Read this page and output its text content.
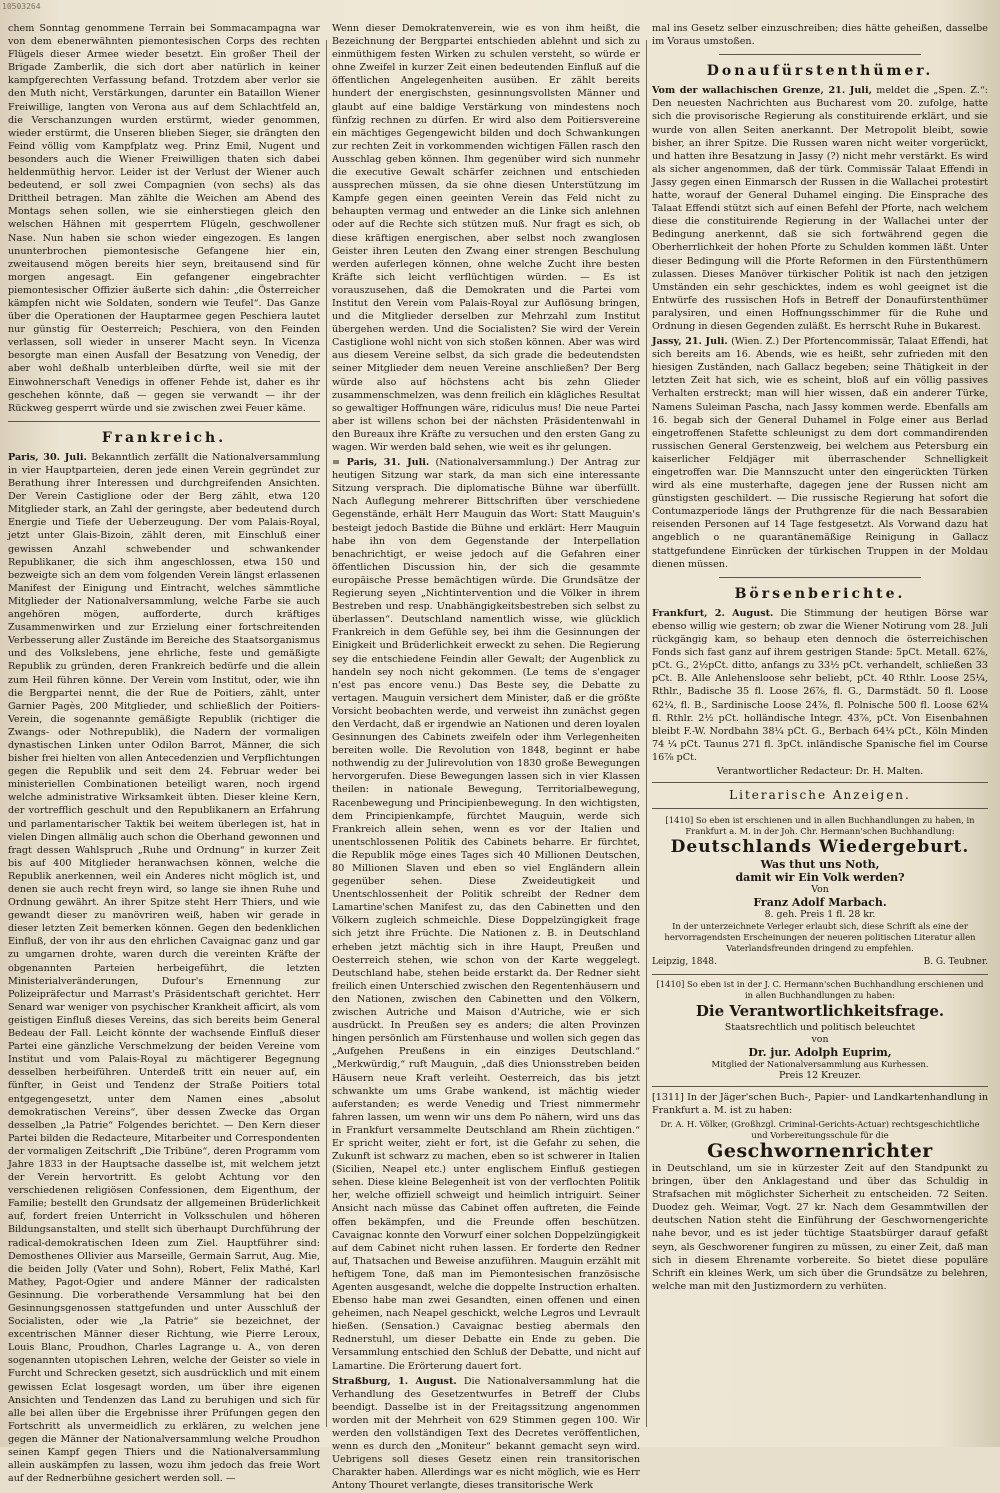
10503264

chem Sonntag genommene Terrain bei Sommacampagna war von dem ebenerwähnten piemontesischen Corps des rechten Flügels dieser Armee wieder besetzt. Ein großer Theil der Brigade Zamberlik, die sich dort aber natürlich in keiner kampfgerechten Verfassung befand. Trotzdem aber verlor sie den Muth nicht, Verstärkungen, darunter ein Bataillon Wiener Freiwillige, langten von Verona aus auf dem Schlachtfeld an, die Verschanzungen wurden erstürmt, wieder genommen, wieder erstürmt, die Unseren blieben Sieger, sie drängten den Feind völlig vom Kampfplatz weg. Prinz Emil, Nugent und besonders auch die Wiener Freiwilligen thaten sich dabei heldenmüthig hervor. Leider ist der Verlust der Wiener auch bedeutend, er soll zwei Compagnien (von sechs) als das Drittheil betragen. Man zählte die Weichen am Abend des Montags sehen sollen, wie sie einherstiegen gleich den welschen Hähnen mit gesperrtem Flügeln, geschwollener Nase. Nun haben sie schon wieder eingezogen. Es langen ununterbrochen piemontesische Gefangene hier ein, zweitausend mögen bereits hier seyn, breitausend sind für morgen angesagt. Ein gefangener eingebrachter piemontesischer Offizier äußerte sich dahin: „die Österreicher kämpfen nicht wie Soldaten, sondern wie Teufel“. Das Ganze über die Operationen der Hauptarmee gegen Peschiera lautet nur günstig für Oesterreich; Peschiera, von den Feinden verlassen, soll wieder in unserer Macht seyn. In Vicenza besorgte man einen Ausfall der Besatzung von Venedig, der aber wohl deßhalb unterbleiben dürfte, weil sie mit der Einwohnerschaft Venedigs in offener Fehde ist, daher es ihr geschehen könnte, daß — gegen sie verwandt — ihr der Rückweg gesperrt würde und sie zwischen zwei Feuer käme.

Frankreich.

Paris, 30. Juli. Bekanntlich zerfällt die Nationalversammlung in vier Hauptparteien, deren jede einen Verein gegründet zur Berathung ihrer Interessen und durchgreifenden Ansichten. Der Verein Castiglione oder der Berg zählt, etwa 120 Mitglieder stark, an Zahl der geringste, aber bedeutend durch Energie und Tiefe der Ueberzeugung. Der vom Palais-Royal, jetzt unter Glais-Bizoin, zählt deren, mit Einschluß einer gewissen Anzahl schwebender und schwankender Republikaner, die sich ihm angeschlossen, etwa 150 und bezweigte sich an dem vom folgenden Verein längst erlassenen Manifest der Einigung und Eintracht, welches sämmtliche Mitglieder der Nationalversammlung, welche Farbe sie auch angehören mögen, aufforderte, durch kräftiges Zusammenwirken und zur Erzielung einer fortschreitenden Verbesserung aller Zustände im Bereiche des Staatsorganismus und des Volkslebens, jene ehrliche, feste und gemäßigte Republik zu gründen, deren Frankreich bedürfe und die allein zum Heil führen könne. Der Verein vom Institut, oder, wie ihn die Bergpartei nennt, die der Rue de Poitiers, zählt, unter Garnier Pagès, 200 Mitglieder, und schließlich der Poitiers-Verein, die sogenannte gemäßigte Republik (richtiger die Zwangs- oder Nothrepublik), die Nadern der vormaligen dynastischen Linken unter Odilon Barrot, Männer, die sich bisher frei hielten von allen Antecedenzien und Verpflichtungen gegen die Republik und seit dem 24. Februar weder bei ministeriellen Combinationen beteiligt waren, noch irgend welche administrative Wirksamkeit übten. Dieser kleine Kern, der vortrefflich geschult und den Republikanern an Erfahrung und parlamentarischer Taktik bei weitem überlegen ist, hat in vielen Dingen allmälig auch schon die Oberhand gewonnen und fragt dessen Wahlspruch „Ruhe und Ordnung“ in kurzer Zeit bis auf 400 Mitglieder heranwachsen können, welche die Republik anerkennen, weil ein Anderes nicht möglich ist, und denen sie auch recht freyn wird, so lange sie ihnen Ruhe und Ordnung gewährt. An ihrer Spitze steht Herr Thiers, und wie gewandt dieser zu manövriren weiß, haben wir gerade in dieser letzten Zeit bemerken können. Gegen den bedenklichen Einfluß, der von ihr aus den ehrlichen Cavaignac ganz und gar zu umgarnen drohte, waren durch die vereinten Kräfte der obgenannten Parteien herbeigeführt, die letzten Ministerialveränderungen, Dufour's Ernennung zur Polizeipräfectur und Marrast's Präsidentschaft gerichtet. Herr Senard war weniger von psychischer Krankheit afficirt, als vom geistigen Einfluß dieses Vereins, das sich bereits beim General Bedeau der Fall. Leicht könnte der wachsende Einfluß dieser Partei eine gänzliche Verschmelzung der beiden Vereine vom Institut und vom Palais-Royal zu mächtigerer Begegnung desselben herbeiführen. Unterdeß tritt ein neuer auf, ein fünfter, in Geist und Tendenz der Straße Poitiers total entgegengesetzt, unter dem Namen eines „absolut demokratischen Vereins“, über dessen Zwecke das Organ desselben „la Patrie“ Folgendes berichtet. — Den Kern dieser Partei bilden die Redacteure, Mitarbeiter und Correspondenten der vormaligen Zeitschrift „Die Tribüne“, deren Programm vom Jahre 1833 in der Hauptsache dasselbe ist, mit welchem jetzt der Verein hervortritt. Es gelobt Achtung vor den verschiedenen religiösen Confessionen, dem Eigenthum, der Familie; bestellt den Grundsatz der allgemeinen Brüderlichkeit auf, fordert freien Unterricht in Volksschulen und höheren Bildungsanstalten, und stellt sich überhaupt Durchführung der radical-demokratischen Ideen zum Ziel. Hauptführer sind: Demosthenes Ollivier aus Marseille, Germain Sarrut, Aug. Mie, die beiden Jolly (Vater und Sohn), Robert, Felix Mathé, Karl Mathey, Pagot-Ogier und andere Männer der radicalsten Gesinnung. Die vorberathende Versammlung hat bei den Gesinnungsgenossen stattgefunden und unter Ausschluß der Socialisten, oder wie „la Patrie“ sie bezeichnet, der excentrischen Männer dieser Richtung, wie Pierre Leroux, Louis Blanc, Proudhon, Charles Lagrange u. A., von deren sogenannten utopischen Lehren, welche der Geister so viele in Furcht und Schrecken gesetzt, sich ausdrücklich und mit einem gewissen Eclat losgesagt worden, um über ihre eigenen Ansichten und Tendenzen das Land zu beruhigen und sich für alle bei allen über die Ergebnisse ihrer Prüfungen gegen den Fortschritt als unvermeidlich zu erklären, zu welchen jene gegen die Männer der Nationalversammlung welche Proudhon seinen Kampf gegen Thiers und die Nationalversammlung allein auskämpfen zu lassen, wozu ihm jedoch das freie Wort auf der Rednerbühne gesichert werden soll. —

Wenn dieser Demokratenverein, wie es von ihm heißt, die Bezeichnung der Bergpartei entschieden ablehnt und sich zu einmüthigem festen Wirken zu schulen versteht, so würde er ohne Zweifel in kurzer Zeit einen bedeutenden Einfluß auf die öffentlichen Angelegenheiten ausüben. Er zählt bereits hundert der energischsten, gesinnungsvollsten Männer und glaubt auf eine baldige Verstärkung von mindestens noch fünfzig rechnen zu dürfen. Er wird also dem Poitiersvereine ein mächtiges Gegengewicht bilden und doch Schwankungen zur rechten Zeit in vorkommenden wichtigen Fällen rasch den Ausschlag geben können. Ihm gegenüber wird sich nunmehr die executive Gewalt schärfer zeichnen und entschieden aussprechen müssen, da sie ohne diesen Unterstützung im Kampfe gegen einen geeinten Verein das Feld nicht zu behaupten vermag und entweder an die Linke sich anlehnen oder auf die Rechte sich stützen muß. Nur fragt es sich, ob diese kräftigen energischen, aber selbst noch zwanglosen Geister ihren Leuten den Zwang einer strengen Beschulung werden auferlegen können, ohne welche Zucht ihre besten Kräfte sich leicht verflüchtigen würden. — Es ist vorauszusehen, daß die Demokraten und die Partei vom Institut den Verein vom Palais-Royal zur Auflösung bringen, und die Mitglieder derselben zur Mehrzahl zum Institut übergehen werden. Und die Socialisten? Sie wird der Verein Castiglione wohl nicht von sich stoßen können. Aber was wird aus diesem Vereine selbst, da sich grade die bedeutendsten seiner Mitglieder dem neuen Vereine anschließen? Der Berg würde also auf höchstens acht bis zehn Glieder zusammenschmelzen, was denn freilich ein klägliches Resultat so gewaltiger Hoffnungen wäre, ridiculus mus! Die neue Partei aber ist willens schon bei der nächsten Präsidentenwahl in den Bureaux ihre Kräfte zu versuchen und den ersten Gang zu wagen. Wir werden bald sehen, wie weit es ihr gelungen.

= Paris, 31. Juli. (Nationalversammlung.) Der Antrag zur heutigen Sitzung war stark, da man sich eine interessante Sitzung versprach. Die diplomatische Bühne war überfüllt. Nach Auflegung mehrerer Bittschriften über verschiedene Gegenstände, erhält Herr Mauguin das Wort: Statt Mauguin's besteigt jedoch Bastide die Bühne und erklärt: Herr Mauguin habe ihn von dem Gegenstande der Interpellation benachrichtigt, er weise jedoch auf die Gefahren einer öffentlichen Discussion hin, der sich die gesammte europäische Presse bemächtigen würde. Die Grundsätze der Regierung seyen „Nichtintervention und die Völker in ihrem Bestreben und resp. Unabhängigkeitsbestreben sich selbst zu überlassen“. Deutschland namentlich wisse, wie glücklich Frankreich in dem Gefühle sey, bei ihm die Gesinnungen der Einigkeit und Brüderlichkeit erweckt zu sehen. Die Regierung sey die entschiedene Feindin aller Gewalt; der Augenblick zu handeln sey noch nicht gekommen. (Le tems de s'engager n'est pas encore venu.) Das Beste sey, die Debatte zu vertagen. Mauguin versichert dem Minister, daß er die größte Vorsicht beobachten werde, und verweist ihn zunächst gegen den Verdacht, daß er irgendwie an Nationen und deren loyalen Gesinnungen des Cabinets zweifeln oder ihm Verlegenheiten bereiten wolle. Die Revolution von 1848, beginnt er habe nothwendig zu der Julirevolution von 1830 große Bewegungen hervorgerufen. Diese Bewegungen lassen sich in vier Klassen theilen: in nationale Bewegung, Territorialbewegung, Racenbewegung und Principienbewegung. In den wichtigsten, dem Principienkampfe, fürchtet Mauguin, werde sich Frankreich allein sehen, wenn es vor der Italien und unentschlossenen Politik des Cabinets beharre. Er fürchtet, die Republik möge eines Tages sich 40 Millionen Deutschen, 80 Millionen Slaven und eben so viel Engländern allein gegenüber sehen. Diese Zweideutigkeit und Unentschlossenheit der Politik schreibt der Redner dem Lamartine'schen Manifest zu, das den Cabinetten und den Völkern zugleich schmeichle. Diese Doppelzüngigkeit frage sich jetzt ihre Früchte. Die Nationen z. B. in Deutschland erheben jetzt mächtig sich in ihre Haupt, Preußen und Oesterreich stehen, wie schon von der Karte weggelegt. Deutschland habe, stehen beide erstarkt da. Der Redner sieht freilich einen Unterschied zwischen den Regentenhäusern und den Nationen, zwischen den Cabinetten und den Völkern, zwischen Autriche und Maison d'Autriche, wie er sich ausdrückt. In Preußen sey es anders; die alten Provinzen hingen persönlich am Fürstenhause und wollen sich gegen das „Aufgehen Preußens in ein einziges Deutschland.“ „Merkwürdig,“ ruft Mauguin, „daß dies Unionsstreben beiden Häusern neue Kraft verleiht. Oesterreich, das bis jetzt schwankte um ums Grabe wankend, ist mächtig wieder auferstanden; es werde Venedig und Triest nimmermehr fahren lassen, um wenn wir uns dem Po nähern, wird uns das in Frankfurt versammelte Deutschland am Rhein züchtigen.“ Er spricht weiter, zieht er fort, ist die Gefahr zu sehen, die Zukunft ist schwarz zu machen, eben so ist schwerer in Italien (Sicilien, Neapel etc.) unter englischem Einfluß gestiegen sehen. Diese kleine Belegenheit ist von der verflochten Politik her, welche offiziell schweigt und heimlich intriguirt. Seiner Ansicht nach müsse das Cabinet offen auftreten, die Feinde offen bekämpfen, und die Freunde offen beschützen. Cavaignac konnte den Vorwurf einer solchen Doppelzüngigkeit auf dem Cabinet nicht ruhen lassen. Er forderte den Redner auf, Thatsachen und Beweise anzuführen. Mauguin erzählt mit heftigem Tone, daß man im Piemontesischen französische Agenten ausgesandt, welche die doppelte Instruction erhalten. Ebenso habe man zwei Gesandten, einen offenen und einen geheimen, nach Neapel geschickt, welche Legros und Levrault hießen. (Sensation.) Cavaignac bestieg abermals den Rednerstuhl, um dieser Debatte ein Ende zu geben. Die Versammlung entschied den Schluß der Debatte, und nicht auf Lamartine. Die Erörterung dauert fort.

Straßburg, 1. August. Die Nationalversammlung hat die Verhandlung des Gesetzentwurfes in Betreff der Clubs beendigt. Dasselbe ist in der Freitagssitzung angenommen worden mit der Mehrheit von 629 Stimmen gegen 100. Wir werden den vollständigen Text des Decretes veröffentlichen, wenn es durch den „Moniteur“ bekannt gemacht seyn wird. Uebrigens soll dieses Gesetz einen rein transitorischen Charakter haben. Allerdings war es nicht möglich, wie es Herr Antony Thouret verlangte, dieses transitorische Werk

mal ins Gesetz selber einzuschreiben; dies hätte geheißen, dasselbe im Voraus umstoßen.

Donaufürstenthümer.

Vom der wallachischen Grenze, 21. Juli, meldet die „Spen. Z.“: Den neuesten Nachrichten aus Bucharest vom 20. zufolge, hatte sich die provisorische Regierung als constituirende erklärt, und sie wurde von allen Seiten anerkannt. Der Metropolit bleibt, sowie bisher, an ihrer Spitze. Die Russen waren nicht weiter vorgerückt, und hatten ihre Besatzung in Jassy (?) nicht mehr verstärkt. Es wird als sicher angenommen, daß der türk. Commissär Talaat Effendi in Jassy gegen einen Einmarsch der Russen in die Wallachei protestirt hatte, worauf der General Duhamel einging. Die Einsprache des Talaat Effendi stützt sich auf einen Befehl der Pforte, nach welchem diese die constituirende Regierung in der Wallachei unter der Bedingung anerkennt, daß sie sich fortwährend gegen die Oberherrlichkeit der hohen Pforte zu Schulden kommen läßt. Unter dieser Bedingung will die Pforte Reformen in den Fürstenthümern zulassen. Dieses Manöver türkischer Politik ist nach den jetzigen Umständen ein sehr geschicktes, indem es wohl geeignet ist die Entwürfe des russischen Hofs in Betreff der Donaufürstenthümer paralysiren, und einen Hoffnungsschimmer für die Ruhe und Ordnung in diesen Gegenden zuläßt. Es herrscht Ruhe in Bukarest.

Jassy, 21. Juli. (Wien. Z.) Der Pfortencommissär, Talaat Effendi, hat sich bereits am 16. Abends, wie es heißt, sehr zufrieden mit den hiesigen Zuständen, nach Gallacz begeben; seine Thätigkeit in der letzten Zeit hat sich, wie es scheint, bloß auf ein völlig passives Verhalten erstreckt; man will hier wissen, daß ein anderer Türke, Namens Suleiman Pascha, nach Jassy kommen werde. Ebenfalls am 16. begab sich der General Duhamel in Folge einer aus Berlad eingetroffenen Stafette schleunigst zu dem dort commandirenden russischen General Gerstenzweig, bei welchem aus Petersburg ein kaiserlicher Feldjäger mit überraschender Schnelligkeit eingetroffen war. Die Mannszucht unter den eingerückten Türken wird als eine musterhafte, dagegen jene der Russen nicht am günstigsten geschildert. — Die russische Regierung hat sofort die Contumazperiode längs der Pruthgrenze für die nach Bessarabien reisenden Personen auf 14 Tage festgesetzt. Als Vorwand dazu hat angeblich o ne quarantänemäßige Reinigung in Gallacz stattgefundene Einrücken der türkischen Truppen in der Moldau dienen müssen.

Börsenberichte.

Frankfurt, 2. August. Die Stimmung der heutigen Börse war ebenso willig wie gestern; ob zwar die Wiener Notirung vom 28. Juli rückgängig kam, so behaup eten dennoch die österreichischen Fonds sich fast ganz auf ihrem gestrigen Stande: 5pCt. Metall. 62⅞, pCt. G., 2½pCt. ditto, anfangs zu 33½ pCt. verhandelt, schließen 33 pCt. B. Alle Anlehensloose sehr beliebt, pCt. 40 Rthlr. Loose 25¼, Rthlr., Badische 35 fl. Loose 26⅞, fl. G., Darmstädt. 50 fl. Loose 62¼, fl. B., Sardinische Loose 24⅞, fl. Polnische 500 fl. Loose 62¼ fl. Rthlr. 2½ pCt. holländische Integr. 43⅞, pCt. Von Eisenbahnen bleibt F.-W. Nordbahn 38¼ pCt. G., Berbach 64¼ pCt., Köln Minden 74 ¼ pCt. Taunus 271 fl. 3pCt. inländische Spanische fiel im Course 16⅞ pCt.

Verantwortlicher Redacteur: Dr. H. Malten.
Literarische Anzeigen.
[1410] So eben ist erschienen und in allen Buchhandlungen zu haben, in Frankfurt a. M. in der Joh. Chr. Hermann'schen Buchhandlung:
Deutschlands Wiedergeburt.
Was thut uns Noth,
damit wir Ein Volk werden?
Von
Franz Adolf Marbach.
8. geh. Preis 1 fl. 28 kr.
In der unterzeichnete Verleger erlaubt sich, diese Schrift als eine der hervorragendsten Erscheinungen der neueren politischen Literatur allen Vaterlandsfreunden dringend zu empfehlen.
Leipzig, 1848.	B. G. Teubner.
[1410] So eben ist in der J. C. Hermann'schen Buchhandlung erschienen und in allen Buchhandlungen zu haben:
Die Verantwortlichkeitsfrage.
Staatsrechtlich und politisch beleuchtet
von
Dr. jur. Adolph Euprim,
Mitglied der Nationalversammlung aus Kurhessen.
Preis 12 Kreuzer.
[1311] In der Jäger'schen Buch-, Papier- und Landkartenhandlung in Frankfurt a. M. ist zu haben:
Dr. A. H. Völker, (Großhzgl. Criminal-Gerichts-Actuar) rechtsgeschichtliche und Vorbereitungsschule für die
Geschwornenrichter
in Deutschland, um sie in kürzester Zeit auf den Standpunkt zu bringen, über den Anklagestand und über das Schuldig in Strafsachen mit möglichster Sicherheit zu entscheiden. 72 Seiten. Duodez geh. Weimar, Vogt. 27 kr. Nach dem Gesammtwillen der deutschen Nation steht die Einführung der Geschwornengerichte nahe bevor, und es ist jeder tüchtige Staatsbürger darauf gefaßt seyn, als Geschworener fungiren zu müssen, zu einer Zeit, daß man sich in diesem Ehrenamte vorbereite. So bietet diese populäre Schrift ein kleines Werk, um sich über die Grundsätze zu belehren, welche man mit den Justizmordern zu verhüten.
